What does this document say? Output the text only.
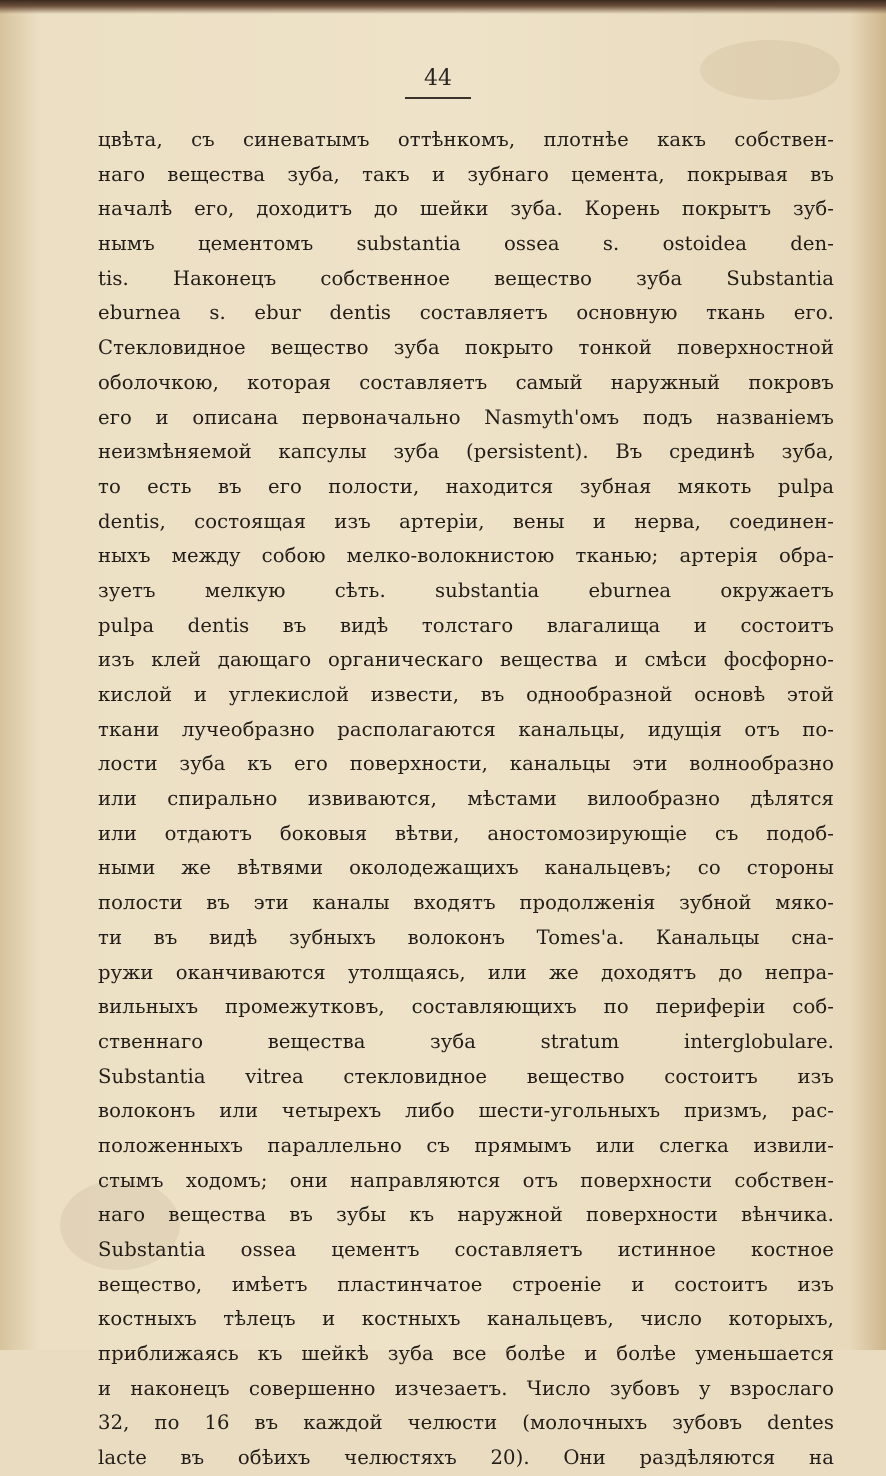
44
цвѣта, съ синеватымъ оттѣнкомъ, плотнѣе какъ собствен-
наго вещества зуба, такъ и зубнаго цемента, покрывая въ
началѣ его, доходитъ до шейки зуба. Корень покрытъ зуб-
нымъ цементомъ substantia ossea s. ostoidea den-
tis. Наконецъ собственное вещество зуба Substantia
eburnea s. ebur dentis составляетъ основную ткань его.
Стекловидное вещество зуба покрыто тонкой поверхностной
оболочкою, которая составляетъ самый наружный покровъ
его и описана первоначально Nasmyth'омъ подъ названіемъ
неизмѣняемой капсулы зуба (persistent). Въ срединѣ зуба,
то есть въ его полости, находится зубная мякоть pulpa
dentis, состоящая изъ артеріи, вены и нерва, соединен-
ныхъ между собою мелко-волокнистою тканью; артерія обра-
зуетъ мелкую сѣть. substantia eburnea окружаетъ
pulpa dentis въ видѣ толстаго влагалища и состоитъ
изъ клей дающаго органическаго вещества и смѣси фосфорно-
кислой и углекислой извести, въ однообразной основѣ этой
ткани лучеобразно располагаются канальцы, идущія отъ по-
лости зуба къ его поверхности, канальцы эти волнообразно
или спирально извиваются, мѣстами вилообразно дѣлятся
или отдаютъ боковыя вѣтви, аностомозирующіе съ подоб-
ными же вѣтвями околодежащихъ канальцевъ; со стороны
полости въ эти каналы входятъ продолженія зубной мяко-
ти въ видѣ зубныхъ волоконъ Tomes'a. Канальцы сна-
ружи оканчиваются утолщаясь, или же доходятъ до непра-
вильныхъ промежутковъ, составляющихъ по периферіи соб-
ственнаго вещества зуба stratum interglobulare.
Substantia vitrea стекловидное вещество состоитъ изъ
волоконъ или четырехъ либо шести-угольныхъ призмъ, рас-
положенныхъ параллельно съ прямымъ или слегка извили-
стымъ ходомъ; они направляются отъ поверхности собствен-
наго вещества въ зубы къ наружной поверхности вѣнчика.
Substantia ossea цементъ составляетъ истинное костное
вещество, имѣетъ пластинчатое строеніе и состоитъ изъ
костныхъ тѣлецъ и костныхъ канальцевъ, число которыхъ,
приближаясь къ шейкѣ зуба все болѣе и болѣе уменьшается
и наконецъ совершенно изчезаетъ. Число зубовъ у взрослаго
32, по 16 въ каждой челюсти (молочныхъ зубовъ dentes
lacte въ обѣихъ челюстяхъ 20). Они раздѣляются на
